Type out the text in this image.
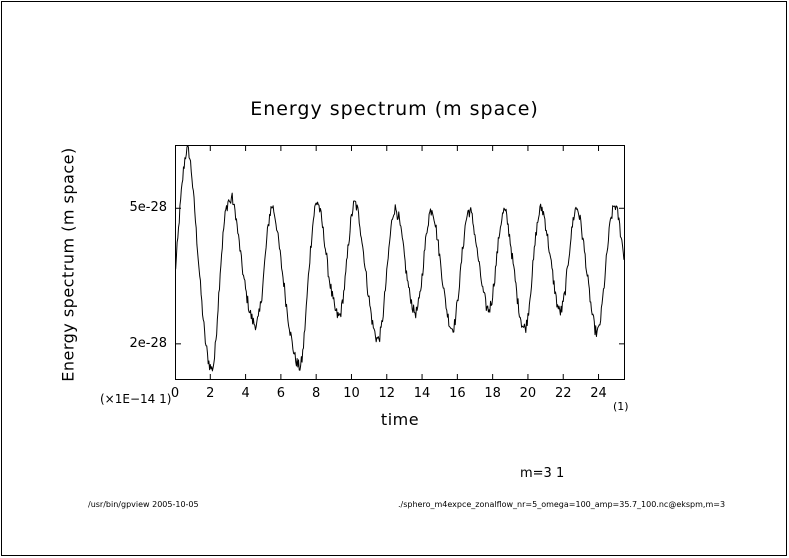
Energy spectrum (m space)
Energy spectrum (m space)
0	2	4	6	8	10	12	14	16	18	20	22	24
2e-28
5e-28
time
(×1E−14 1)
(1)
m=3 1
/usr/bin/gpview 2005-10-05	./sphero_m4expce_zonalflow_nr=5_omega=100_amp=35.7_100.nc@ekspm,m=3
